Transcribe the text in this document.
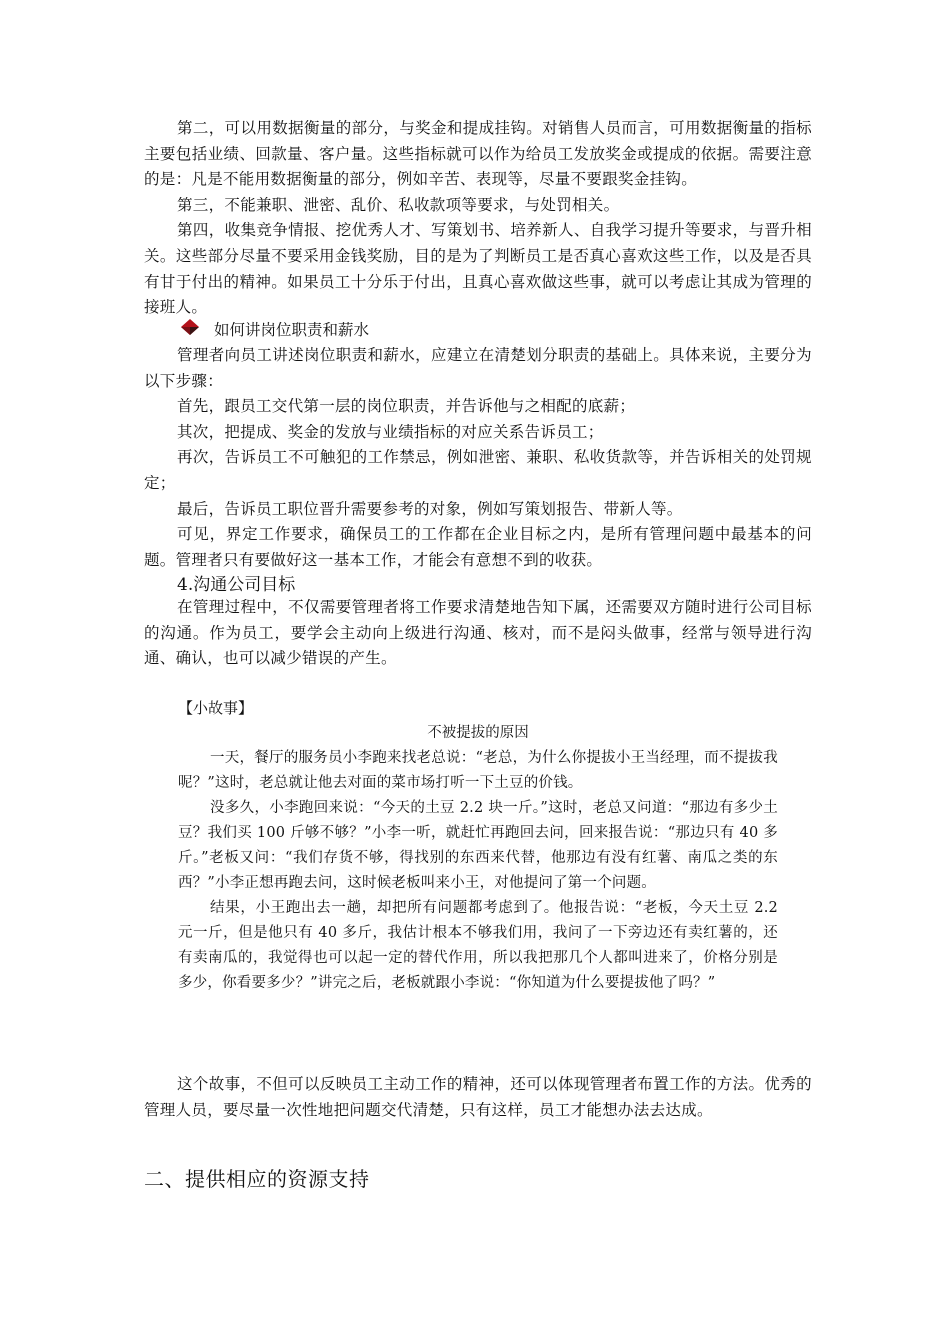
第二，可以用数据衡量的部分，与奖金和提成挂钩。对销售人员而言，可用数据衡量的指标主要包括业绩、回款量、客户量。这些指标就可以作为给员工发放奖金或提成的依据。需要注意的是：凡是不能用数据衡量的部分，例如辛苦、表现等，尽量不要跟奖金挂钩。

第三，不能兼职、泄密、乱价、私收款项等要求，与处罚相关。

第四，收集竞争情报、挖优秀人才、写策划书、培养新人、自我学习提升等要求，与晋升相关。这些部分尽量不要采用金钱奖励，目的是为了判断员工是否真心喜欢这些工作，以及是否具有甘于付出的精神。如果员工十分乐于付出，且真心喜欢做这些事，就可以考虑让其成为管理的接班人。

如何讲岗位职责和薪水

管理者向员工讲述岗位职责和薪水，应建立在清楚划分职责的基础上。具体来说，主要分为以下步骤：

首先，跟员工交代第一层的岗位职责，并告诉他与之相配的底薪；

其次，把提成、奖金的发放与业绩指标的对应关系告诉员工；

再次，告诉员工不可触犯的工作禁忌，例如泄密、兼职、私收货款等，并告诉相关的处罚规定；

最后，告诉员工职位晋升需要参考的对象，例如写策划报告、带新人等。

可见，界定工作要求，确保员工的工作都在企业目标之内，是所有管理问题中最基本的问题。管理者只有要做好这一基本工作，才能会有意想不到的收获。

4.沟通公司目标

在管理过程中，不仅需要管理者将工作要求清楚地告知下属，还需要双方随时进行公司目标的沟通。作为员工，要学会主动向上级进行沟通、核对，而不是闷头做事，经常与领导进行沟通、确认，也可以减少错误的产生。

【小故事】
不被提拔的原因

一天，餐厅的服务员小李跑来找老总说：“老总，为什么你提拔小王当经理，而不提拔我呢？”这时，老总就让他去对面的菜市场打听一下土豆的价钱。

没多久，小李跑回来说：“今天的土豆 2.2 块一斤。”这时，老总又问道：“那边有多少土豆？我们买 100 斤够不够？”小李一听，就赶忙再跑回去问，回来报告说：“那边只有 40 多斤。”老板又问：“我们存货不够，得找别的东西来代替，他那边有没有红薯、南瓜之类的东西？”小李正想再跑去问，这时候老板叫来小王，对他提问了第一个问题。

结果，小王跑出去一趟，却把所有问题都考虑到了。他报告说：“老板，今天土豆 2.2 元一斤，但是他只有 40 多斤，我估计根本不够我们用，我问了一下旁边还有卖红薯的，还有卖南瓜的，我觉得也可以起一定的替代作用，所以我把那几个人都叫进来了，价格分别是多少，你看要多少？”讲完之后，老板就跟小李说：“你知道为什么要提拔他了吗？”

这个故事，不但可以反映员工主动工作的精神，还可以体现管理者布置工作的方法。优秀的管理人员，要尽量一次性地把问题交代清楚，只有这样，员工才能想办法去达成。

二、提供相应的资源支持
